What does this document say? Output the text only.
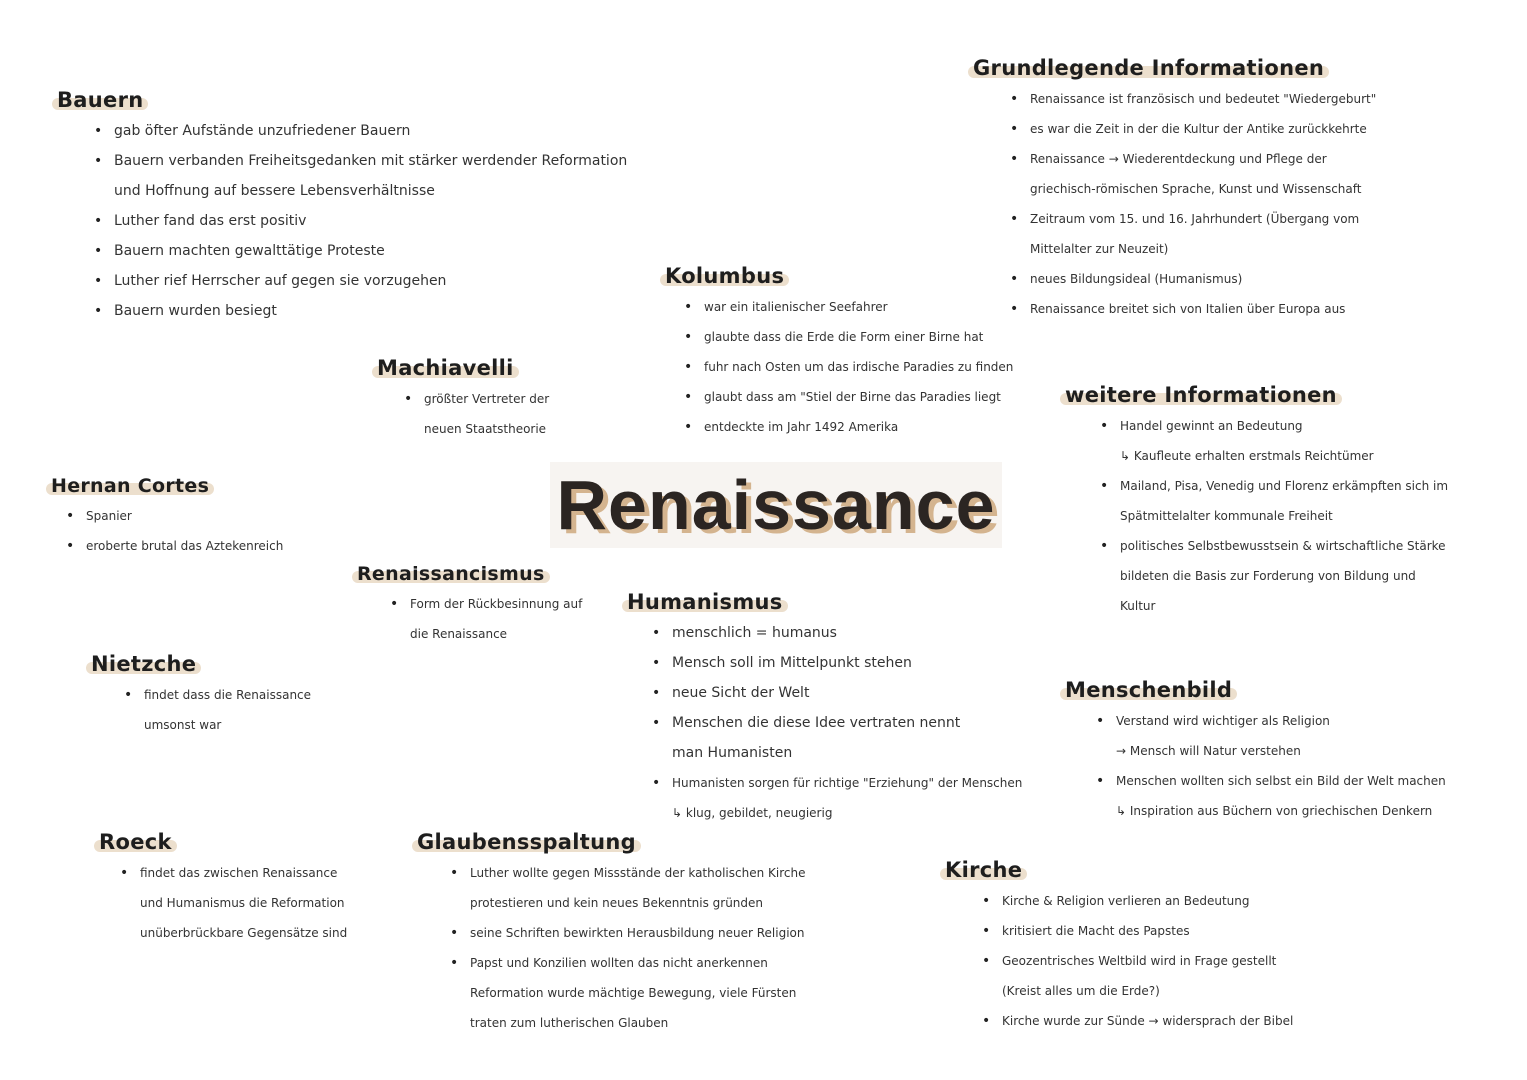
Renaissance
Bauern
• gab öfter Aufstände unzufriedener Bauern
• Bauern verbanden Freiheitsgedanken mit stärker werdender Reformation
und Hoffnung auf bessere Lebensverhältnisse
• Luther fand das erst positiv
• Bauern machten gewalttätige Proteste
• Luther rief Herrscher auf gegen sie vorzugehen
• Bauern wurden besiegt
Grundlegende Informationen
• Renaissance ist französisch und bedeutet "Wiedergeburt"
• es war die Zeit in der die Kultur der Antike zurückkehrte
• Renaissance → Wiederentdeckung und Pflege der
griechisch-römischen Sprache, Kunst und Wissenschaft
• Zeitraum vom 15. und 16. Jahrhundert (Übergang vom
Mittelalter zur Neuzeit)
• neues Bildungsideal (Humanismus)
• Renaissance breitet sich von Italien über Europa aus
Kolumbus
• war ein italienischer Seefahrer
• glaubte dass die Erde die Form einer Birne hat
• fuhr nach Osten um das irdische Paradies zu finden
• glaubt dass am "Stiel der Birne das Paradies liegt
• entdeckte im Jahr 1492 Amerika
Machiavelli
• größter Vertreter der
neuen Staatstheorie
weitere Informationen
• Handel gewinnt an Bedeutung
↳ Kaufleute erhalten erstmals Reichtümer
• Mailand, Pisa, Venedig und Florenz erkämpften sich im
Spätmittelalter kommunale Freiheit
• politisches Selbstbewusstsein & wirtschaftliche Stärke
bildeten die Basis zur Forderung von Bildung und
Kultur
Hernan Cortes
• Spanier
• eroberte brutal das Aztekenreich
Renaissancismus
• Form der Rückbesinnung auf
die Renaissance
Humanismus
• menschlich = humanus
• Mensch soll im Mittelpunkt stehen
• neue Sicht der Welt
• Menschen die diese Idee vertraten nennt
man Humanisten
• Humanisten sorgen für richtige "Erziehung" der Menschen
↳ klug, gebildet, neugierig
Nietzche
• findet dass die Renaissance
umsonst war
Menschenbild
• Verstand wird wichtiger als Religion
→ Mensch will Natur verstehen
• Menschen wollten sich selbst ein Bild der Welt machen
↳ Inspiration aus Büchern von griechischen Denkern
Roeck
• findet das zwischen Renaissance
und Humanismus die Reformation
unüberbrückbare Gegensätze sind
Glaubensspaltung
• Luther wollte gegen Missstände der katholischen Kirche
protestieren und kein neues Bekenntnis gründen
• seine Schriften bewirkten Herausbildung neuer Religion
• Papst und Konzilien wollten das nicht anerkennen
Reformation wurde mächtige Bewegung, viele Fürsten
traten zum lutherischen Glauben
Kirche
• Kirche & Religion verlieren an Bedeutung
• kritisiert die Macht des Papstes
• Geozentrisches Weltbild wird in Frage gestellt
(Kreist alles um die Erde?)
• Kirche wurde zur Sünde → widersprach der Bibel
